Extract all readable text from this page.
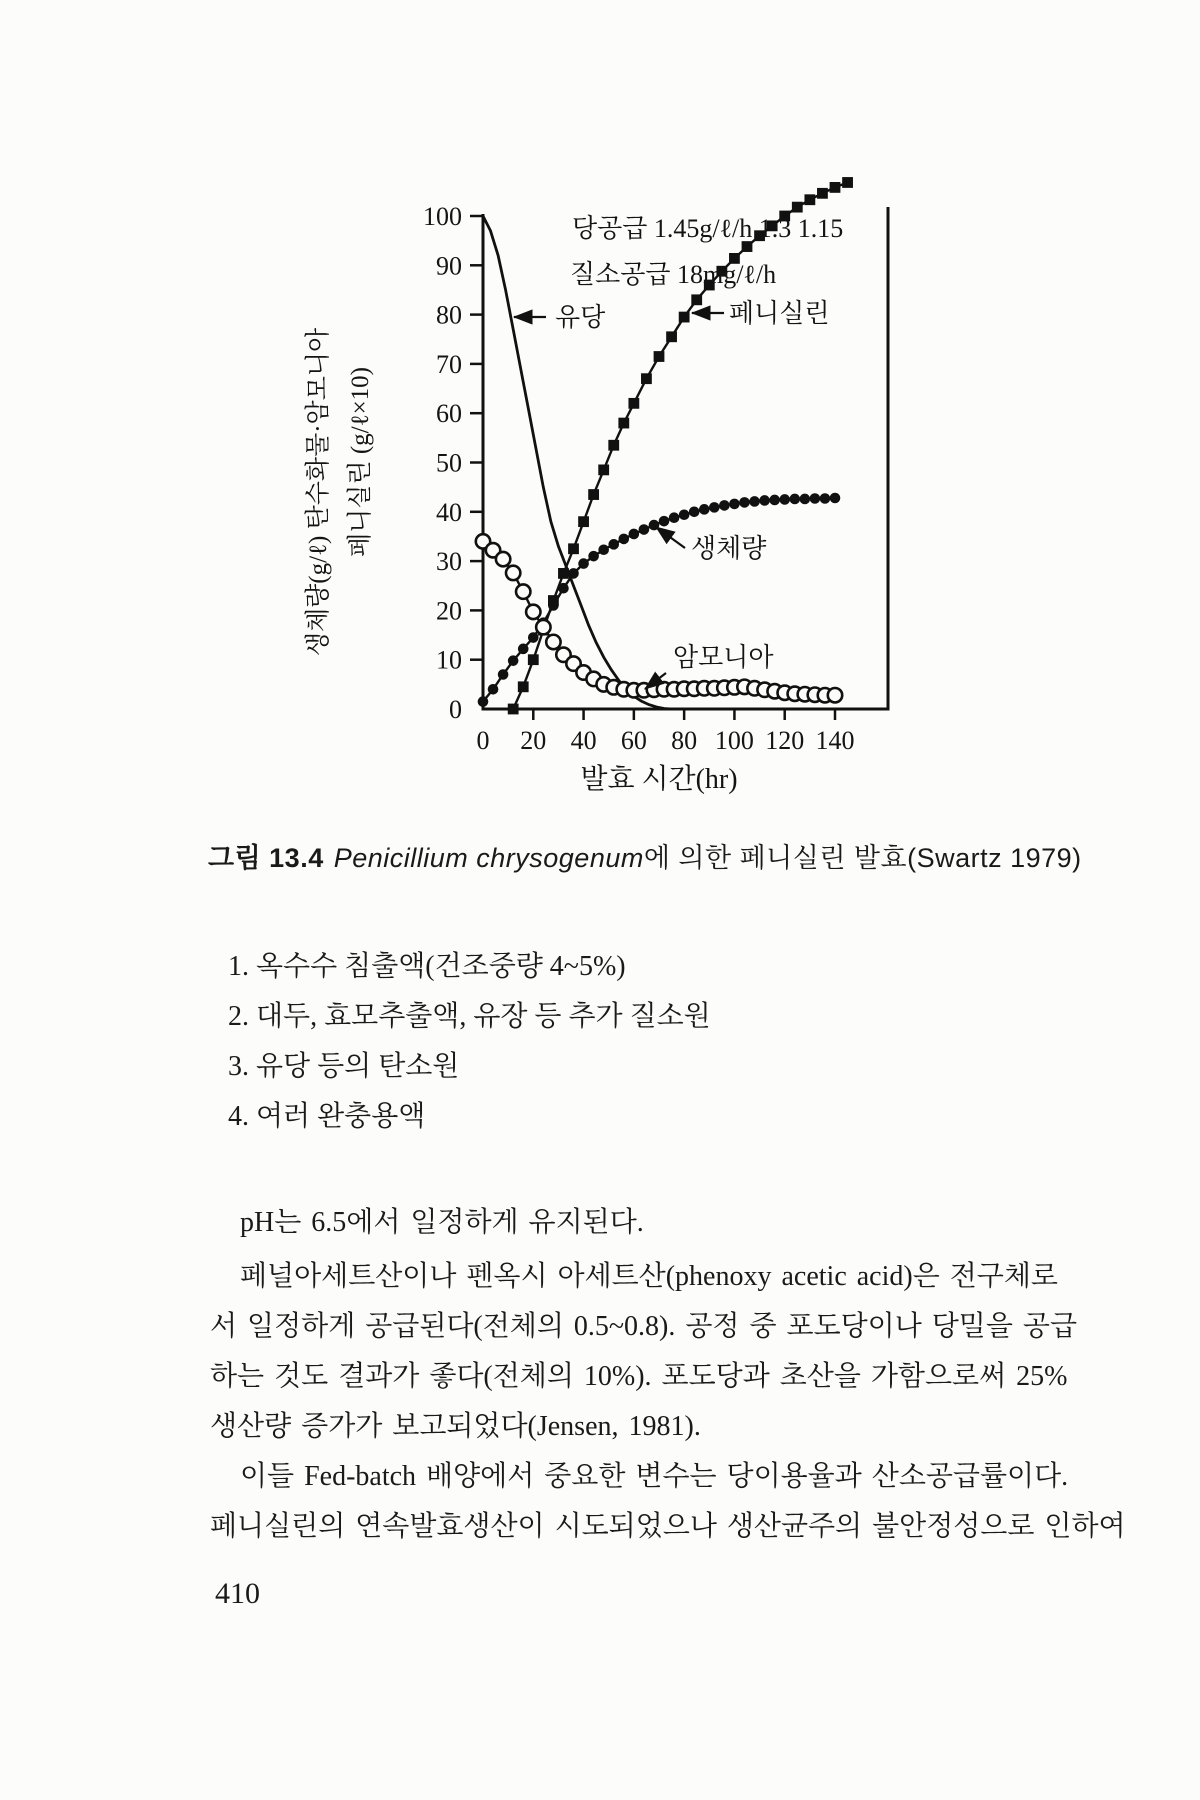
0
10
20
30
40
50
60
70
80
90
100
0 20 40 60 80 100 120 140
발효 시간(hr)
생체량(g/ℓ) 탄수화물·암모니아 페니실린 (g/ℓ×10)
당공급 1.45g/ℓ/h 1.3 1.15
질소공급 18mg/ℓ/h
유당	페니실린
생체량
암모니아
그림 13.4 Penicillium chrysogenum에 의한 페니실린 발효(Swartz 1979)
1. 옥수수 침출액(건조중량 4~5%)
2. 대두, 효모추출액, 유장 등 추가 질소원
3. 유당 등의 탄소원
4. 여러 완충용액
pH는 6.5에서 일정하게 유지된다.
페널아세트산이나 펜옥시 아세트산(phenoxy acetic acid)은 전구체로
서 일정하게 공급된다(전체의 0.5~0.8). 공정 중 포도당이나 당밀을 공급
하는 것도 결과가 좋다(전체의 10%). 포도당과 초산을 가함으로써 25%
생산량 증가가 보고되었다(Jensen, 1981).
이들 Fed-batch 배양에서 중요한 변수는 당이용율과 산소공급률이다.
페니실린의 연속발효생산이 시도되었으나 생산균주의 불안정성으로 인하여
410
